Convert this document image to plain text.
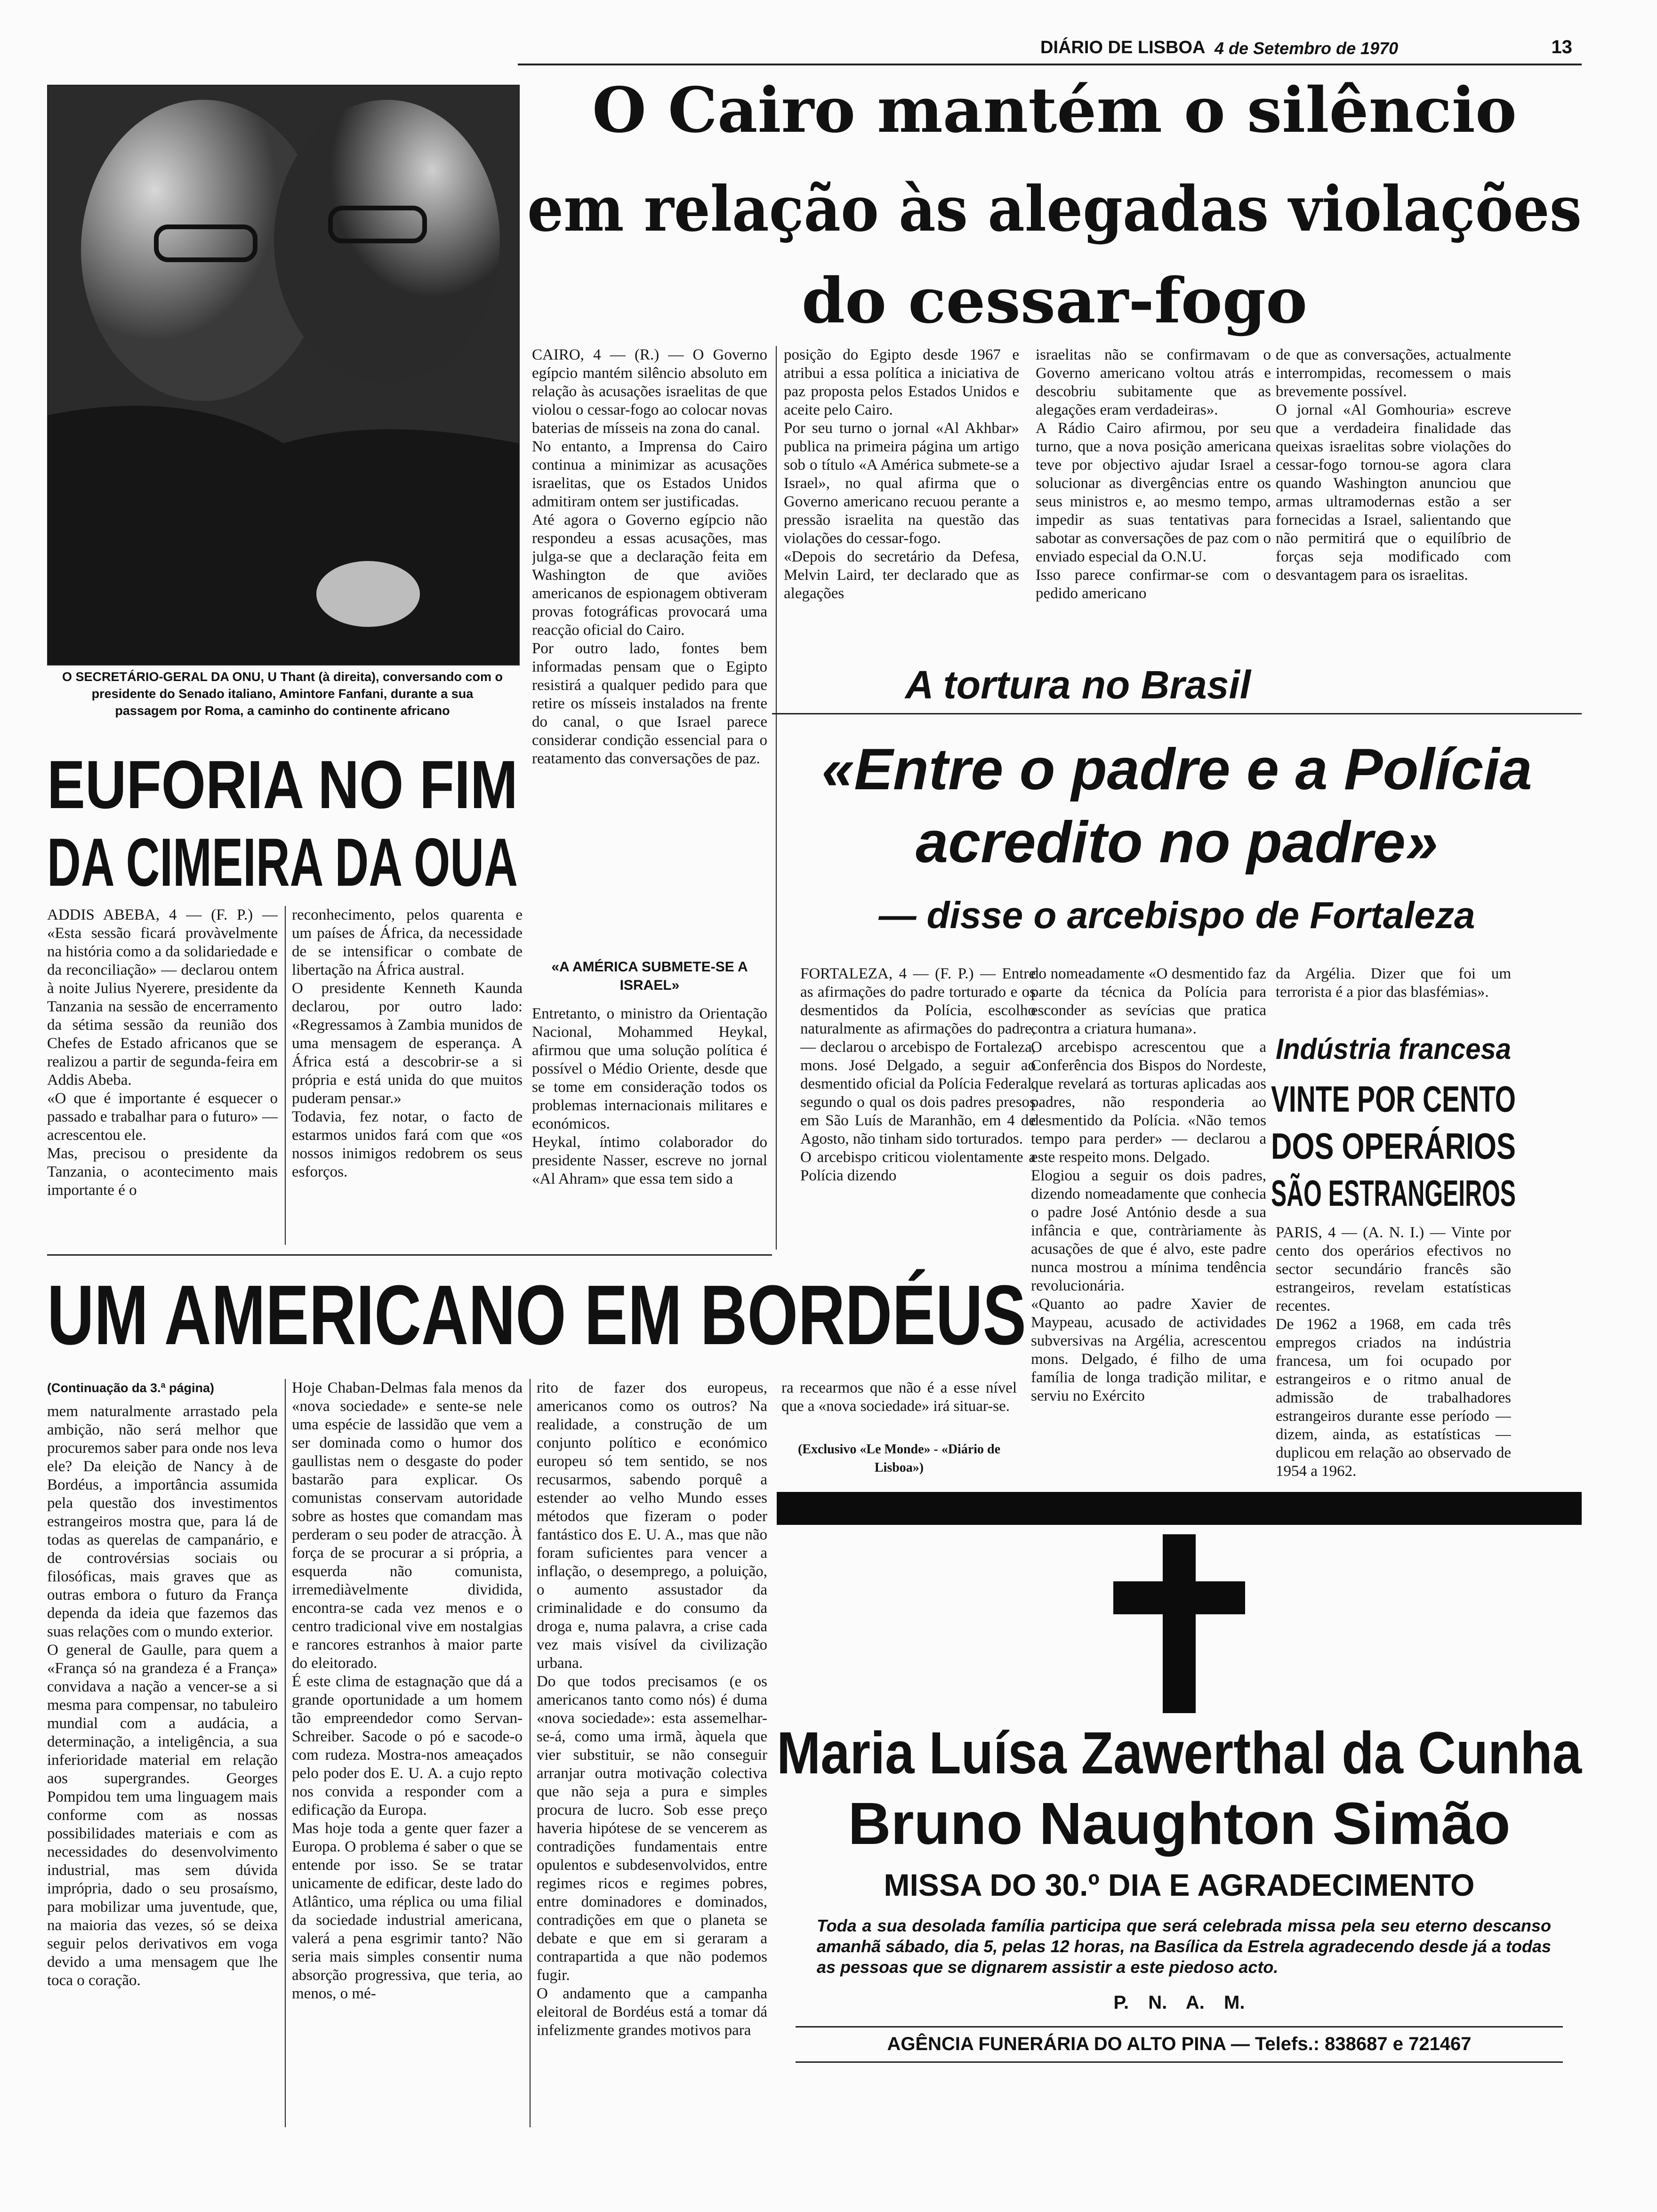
DIÁRIO DE LISBOA 4 de Setembro de 1970	13
O SECRETÁRIO-GERAL DA ONU, U Thant (à direita), conversando com o presidente do Senado italiano, Amintore Fanfani, durante a sua passagem por Roma, a caminho do continente africano
O Cairo mantém o silêncio
em relação às alegadas violações
do cessar-fogo
CAIRO, 4 — (R.) — O Governo egípcio mantém silêncio absoluto em relação às acusações israelitas de que violou o cessar-fogo ao colocar novas baterias de mísseis na zona do canal.
No entanto, a Imprensa do Cairo continua a minimizar as acusações israelitas, que os Estados Unidos admitiram ontem ser justificadas.
Até agora o Governo egípcio não respondeu a essas acusações, mas julga-se que a declaração feita em Washington de que aviões americanos de espionagem obtiveram provas fotográficas provocará uma reacção oficial do Cairo.
Por outro lado, fontes bem informadas pensam que o Egipto resistirá a qualquer pedido para que retire os mísseis instalados na frente do canal, o que Israel parece considerar condição essencial para o reatamento das conversações de paz.
«A AMÉRICA SUBMETE-SE A ISRAEL»
Entretanto, o ministro da Orientação Nacional, Mohammed Heykal, afirmou que uma solução política é possível o Médio Oriente, desde que se tome em consideração todos os problemas internacionais militares e económicos.
Heykal, íntimo colaborador do presidente Nasser, escreve no jornal «Al Ahram» que essa tem sido a
posição do Egipto desde 1967 e atribui a essa política a iniciativa de paz proposta pelos Estados Unidos e aceite pelo Cairo.
Por seu turno o jornal «Al Akhbar» publica na primeira página um artigo sob o título «A América submete-se a Israel», no qual afirma que o Governo americano recuou perante a pressão israelita na questão das violações do cessar-fogo.
«Depois do secretário da Defesa, Melvin Laird, ter declarado que as alegações
israelitas não se confirmavam o Governo americano voltou atrás e descobriu subitamente que as alegações eram verdadeiras».
A Rádio Cairo afirmou, por seu turno, que a nova posição americana teve por objectivo ajudar Israel a solucionar as divergências entre os seus ministros e, ao mesmo tempo, impedir as suas tentativas para sabotar as conversações de paz com o enviado especial da O.N.U.
Isso parece confirmar-se com o pedido americano
de que as conversações, actualmente interrompidas, recomessem o mais brevemente possível.
O jornal «Al Gomhouria» escreve que a verdadeira finalidade das queixas israelitas sobre violações do cessar-fogo tornou-se agora clara quando Washington anunciou que armas ultramodernas estão a ser fornecidas a Israel, salientando que não permitirá que o equilíbrio de forças seja modificado com desvantagem para os israelitas.
EUFORIA NO FIM
DA CIMEIRA DA OUA
ADDIS ABEBA, 4 — (F. P.) — «Esta sessão ficará provàvelmente na história como a da solidariedade e da reconciliação» — declarou ontem à noite Julius Nyerere, presidente da Tanzania na sessão de encerramento da sétima sessão da reunião dos Chefes de Estado africanos que se realizou a partir de segunda-feira em Addis Abeba.
«O que é importante é esquecer o passado e trabalhar para o futuro» — acrescentou ele.
Mas, precisou o presidente da Tanzania, o acontecimento mais importante é o
reconhecimento, pelos quarenta e um países de África, da necessidade de se intensificar o combate de libertação na África austral.
O presidente Kenneth Kaunda declarou, por outro lado: «Regressamos à Zambia munidos de uma mensagem de esperança. A África está a descobrir-se a si própria e está unida do que muitos puderam pensar.»
Todavia, fez notar, o facto de estarmos unidos fará com que «os nossos inimigos redobrem os seus esforços.
A tortura no Brasil
«Entre o padre e a Polícia
acredito no padre»
— disse o arcebispo de Fortaleza
FORTALEZA, 4 — (F. P.) — Entre as afirmações do padre torturado e os desmentidos da Polícia, escolho naturalmente as afirmações do padre, — declarou o arcebispo de Fortaleza, mons. José Delgado, a seguir ao desmentido oficial da Polícia Federal, segundo o qual os dois padres presos em São Luís de Maranhão, em 4 de Agosto, não tinham sido torturados.
O arcebispo criticou violentamente a Polícia dizendo
do nomeadamente «O desmentido faz parte da técnica da Polícia para esconder as sevícias que pratica contra a criatura humana».
O arcebispo acrescentou que a Conferência dos Bispos do Nordeste, que revelará as torturas aplicadas aos padres, não responderia ao desmentido da Polícia. «Não temos tempo para perder» — declarou a este respeito mons. Delgado.
Elogiou a seguir os dois padres, dizendo nomeadamente que conhecia o padre José António desde a sua infância e que, contràriamente às acusações de que é alvo, este padre nunca mostrou a mínima tendência revolucionária.
«Quanto ao padre Xavier de Maypeau, acusado de actividades subversivas na Argélia, acrescentou mons. Delgado, é filho de uma família de longa tradição militar, e serviu no Exército
da Argélia. Dizer que foi um terrorista é a pior das blasfémias».
Indústria francesa
VINTE POR CENTO
DOS OPERÁRIOS
SÃO ESTRANGEIROS
PARIS, 4 — (A. N. I.) — Vinte por cento dos operários efectivos no sector secundário francês são estrangeiros, revelam estatísticas recentes.
De 1962 a 1968, em cada três empregos criados na indústria francesa, um foi ocupado por estrangeiros e o ritmo anual de admissão de trabalhadores estrangeiros durante esse período — dizem, ainda, as estatísticas — duplicou em relação ao observado de 1954 a 1962.
UM AMERICANO EM BORDÉUS
(Continuação da 3.ª página)
mem naturalmente arrastado pela ambição, não será melhor que procuremos saber para onde nos leva ele? Da eleição de Nancy à de Bordéus, a importância assumida pela questão dos investimentos estrangeiros mostra que, para lá de todas as querelas de campanário, e de controvérsias sociais ou filosóficas, mais graves que as outras embora o futuro da França dependa da ideia que fazemos das suas relações com o mundo exterior.
O general de Gaulle, para quem a «França só na grandeza é a França» convidava a nação a vencer-se a si mesma para compensar, no tabuleiro mundial com a audácia, a determinação, a inteligência, a sua inferioridade material em relação aos supergrandes. Georges Pompidou tem uma linguagem mais conforme com as nossas possibilidades materiais e com as necessidades do desenvolvimento industrial, mas sem dúvida imprópria, dado o seu prosaísmo, para mobilizar uma juventude, que, na maioria das vezes, só se deixa seguir pelos derivativos em voga devido a uma mensagem que lhe toca o coração.
Hoje Chaban-Delmas fala menos da «nova sociedade» e sente-se nele uma espécie de lassidão que vem a ser dominada como o humor dos gaullistas nem o desgaste do poder bastarão para explicar. Os comunistas conservam autoridade sobre as hostes que comandam mas perderam o seu poder de atracção. À força de se procurar a si própria, a esquerda não comunista, irremediàvelmente dividida, encontra-se cada vez menos e o centro tradicional vive em nostalgias e rancores estranhos à maior parte do eleitorado.
É este clima de estagnação que dá a grande oportunidade a um homem tão empreendedor como Servan-Schreiber. Sacode o pó e sacode-o com rudeza. Mostra-nos ameaçados pelo poder dos E. U. A. a cujo repto nos convida a responder com a edificação da Europa.
Mas hoje toda a gente quer fazer a Europa. O problema é saber o que se entende por isso. Se se tratar unicamente de edificar, deste lado do Atlântico, uma réplica ou uma filial da sociedade industrial americana, valerá a pena esgrimir tanto? Não seria mais simples consentir numa absorção progressiva, que teria, ao menos, o mé-
rito de fazer dos europeus, americanos como os outros? Na realidade, a construção de um conjunto político e económico europeu só tem sentido, se nos recusarmos, sabendo porquê a estender ao velho Mundo esses métodos que fizeram o poder fantástico dos E. U. A., mas que não foram suficientes para vencer a inflação, o desemprego, a poluição, o aumento assustador da criminalidade e do consumo da droga e, numa palavra, a crise cada vez mais visível da civilização urbana.
Do que todos precisamos (e os americanos tanto como nós) é duma «nova sociedade»: esta assemelhar-se-á, como uma irmã, àquela que vier substituir, se não conseguir arranjar outra motivação colectiva que não seja a pura e simples procura de lucro. Sob esse preço haveria hipótese de se vencerem as contradições fundamentais entre opulentos e subdesenvolvidos, entre regimes ricos e regimes pobres, entre dominadores e dominados, contradições em que o planeta se debate e que em si geraram a contrapartida a que não podemos fugir.
O andamento que a campanha eleitoral de Bordéus está a tomar dá infelizmente grandes motivos para
ra recearmos que não é a esse nível que a «nova sociedade» irá situar-se.
(Exclusivo «Le Monde» - «Diário de Lisboa»)
Maria Luísa Zawerthal da Cunha
Bruno Naughton Simão
MISSA DO 30.º DIA E AGRADECIMENTO
Toda a sua desolada família participa que será celebrada missa pela seu eterno descanso amanhã sábado, dia 5, pelas 12 horas, na Basílica da Estrela agradecendo desde já a todas as pessoas que se dignarem assistir a este piedoso acto.
P. N. A. M.
AGÊNCIA FUNERÁRIA DO ALTO PINA — Telefs.: 838687 e 721467
